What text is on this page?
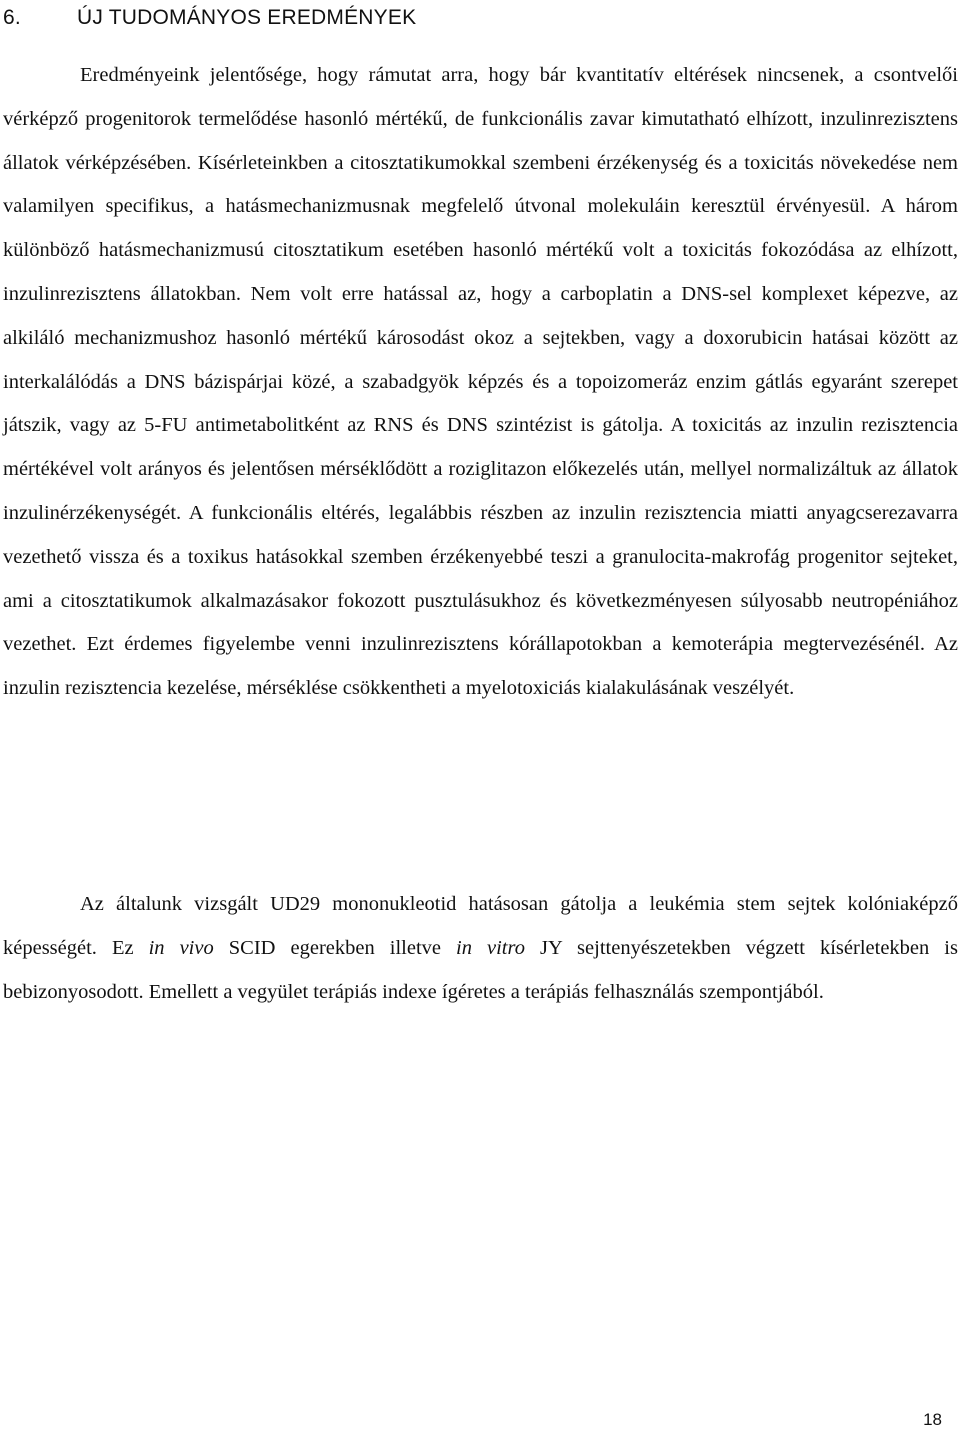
6.	ÚJ TUDOMÁNYOS EREDMÉNYEK

Eredményeink jelentősége, hogy rámutat arra, hogy bár kvantitatív eltérések nincsenek, a csontvelői vérképző progenitorok termelődése hasonló mértékű, de funkcionális zavar kimutatható elhízott, inzulinrezisztens állatok vérképzésében. Kísérleteinkben a citosztatikumokkal szembeni érzékenység és a toxicitás növekedése nem valamilyen specifikus, a hatásmechanizmusnak megfelelő útvonal molekuláin keresztül érvényesül. A három különböző hatásmechanizmusú citosztatikum esetében hasonló mértékű volt a toxicitás fokozódása az elhízott, inzulinrezisztens állatokban. Nem volt erre hatással az, hogy a carboplatin a DNS-sel komplexet képezve, az alkiláló mechanizmushoz hasonló mértékű károsodást okoz a sejtekben, vagy a doxorubicin hatásai között az interkalálódás a DNS bázispárjai közé, a szabadgyök képzés és a topoizomeráz enzim gátlás egyaránt szerepet játszik, vagy az 5-FU antimetabolitként az RNS és DNS szintézist is gátolja. A toxicitás az inzulin rezisztencia mértékével volt arányos és jelentősen mérséklődött a roziglitazon előkezelés után, mellyel normalizáltuk az állatok inzulinérzékenységét. A funkcionális eltérés, legalábbis részben az inzulin rezisztencia miatti anyagcserezavarra vezethető vissza és a toxikus hatásokkal szemben érzékenyebbé teszi a granulocita-makrofág progenitor sejteket, ami a citosztatikumok alkalmazásakor fokozott pusztulásukhoz és következményesen súlyosabb neutropéniához vezethet. Ezt érdemes figyelembe venni inzulinrezisztens kórállapotokban a kemoterápia megtervezésénél. Az inzulin rezisztencia kezelése, mérséklése csökkentheti a myelotoxiciás kialakulásának veszélyét.

Az általunk vizsgált UD29 mononukleotid hatásosan gátolja a leukémia stem sejtek kolóniaképző képességét. Ez in vivo SCID egerekben illetve in vitro JY sejttenyészetekben végzett kísérletekben is bebizonyosodott. Emellett a vegyület terápiás indexe ígéretes a terápiás felhasználás szempontjából.

18
